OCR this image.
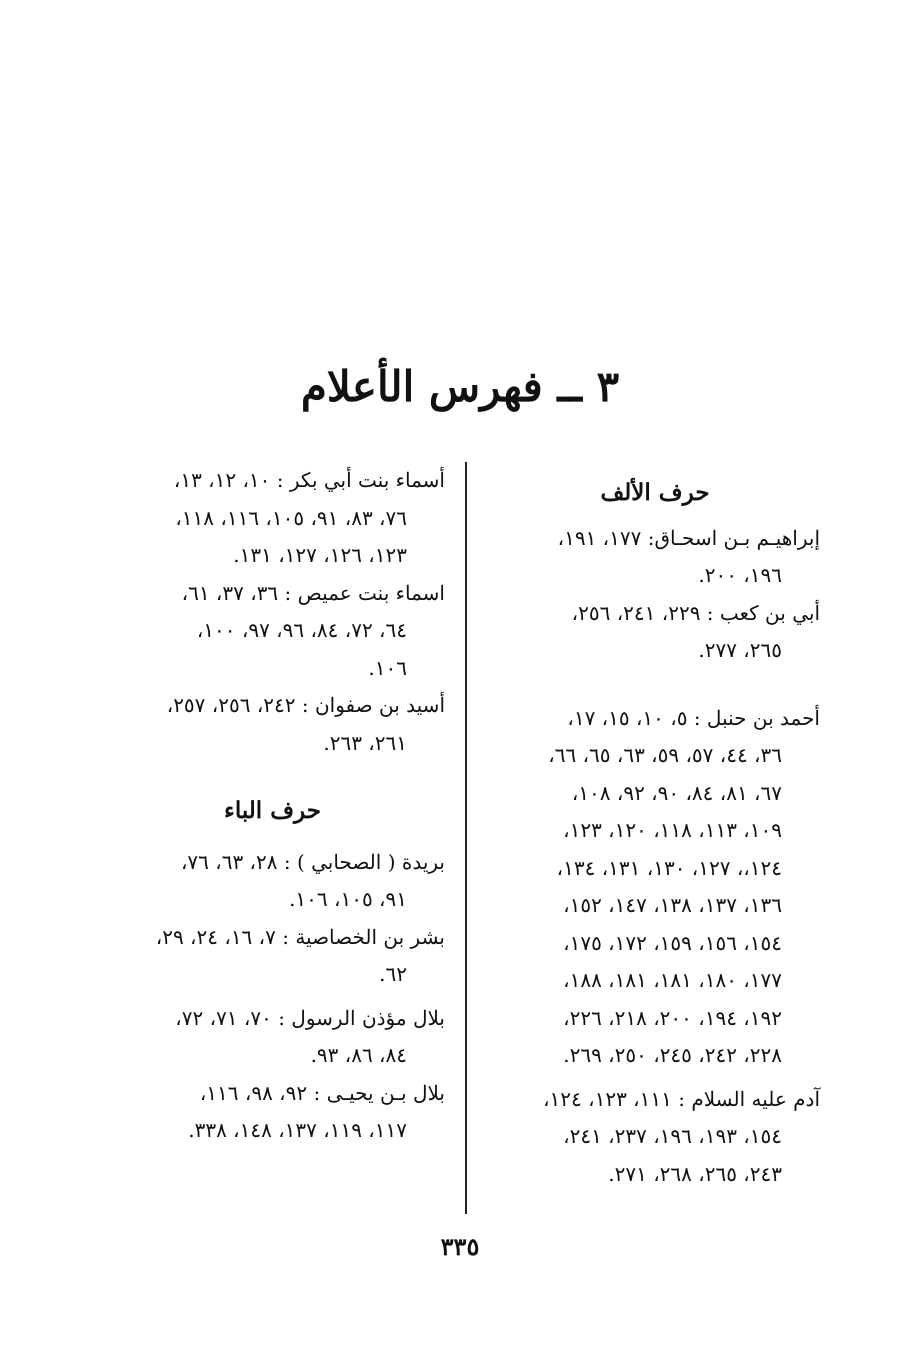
٣ ــ فهرس الأعلام
حرف الألف
إبراهيـم بـن اسحـاق: ١٧٧، ١٩١،
١٩٦، ٢٠٠.
أبي بن كعب : ٢٢٩، ٢٤١، ٢٥٦،
٢٦٥، ٢٧٧.
أحمد بن حنبل : ٥، ١٠، ١٥، ١٧،
٣٦، ٤٤، ٥٧، ٥٩، ٦٣، ٦٥، ٦٦،
٦٧، ٨١، ٨٤، ٩٠، ٩٢، ١٠٨،
١٠٩، ١١٣، ١١٨، ١٢٠، ١٢٣،
١٢٤،، ١٢٧، ١٣٠، ١٣١، ١٣٤،
١٣٦، ١٣٧، ١٣٨، ١٤٧، ١٥٢،
١٥٤، ١٥٦، ١٥٩، ١٧٢، ١٧٥،
١٧٧، ١٨٠، ١٨١، ١٨١، ١٨٨،
١٩٢، ١٩٤، ٢٠٠، ٢١٨، ٢٢٦،
٢٢٨، ٢٤٢، ٢٤٥، ٢٥٠، ٢٦٩.
آدم عليه السلام : ١١١، ١٢٣، ١٢٤،
١٥٤، ١٩٣، ١٩٦، ٢٣٧، ٢٤١،
٢٤٣، ٢٦٥، ٢٦٨، ٢٧١.
أسماء بنت أبي بكر : ١٠، ١٢، ١٣،
٧٦، ٨٣، ٩١، ١٠٥، ١١٦، ١١٨،
١٢٣، ١٢٦، ١٢٧، ١٣١.
اسماء بنت عميص : ٣٦، ٣٧، ٦١،
٦٤، ٧٢، ٨٤، ٩٦، ٩٧، ١٠٠،
١٠٦.
أسيد بن صفوان : ٢٤٢، ٢٥٦، ٢٥٧،
٢٦١، ٢٦٣.
حرف الباء
بريدة ( الصحابي ) : ٢٨، ٦٣، ٧٦،
٩١، ١٠٥، ١٠٦.
بشر بن الخصاصية : ٧، ١٦، ٢٤، ٢٩،
٦٢.
بلال مؤذن الرسول : ٧٠، ٧١، ٧٢،
٨٤، ٨٦، ٩٣.
بلال بـن يحيـى : ٩٢، ٩٨، ١١٦،
١١٧، ١١٩، ١٣٧، ١٤٨، ٣٣٨.
٣٣٥
